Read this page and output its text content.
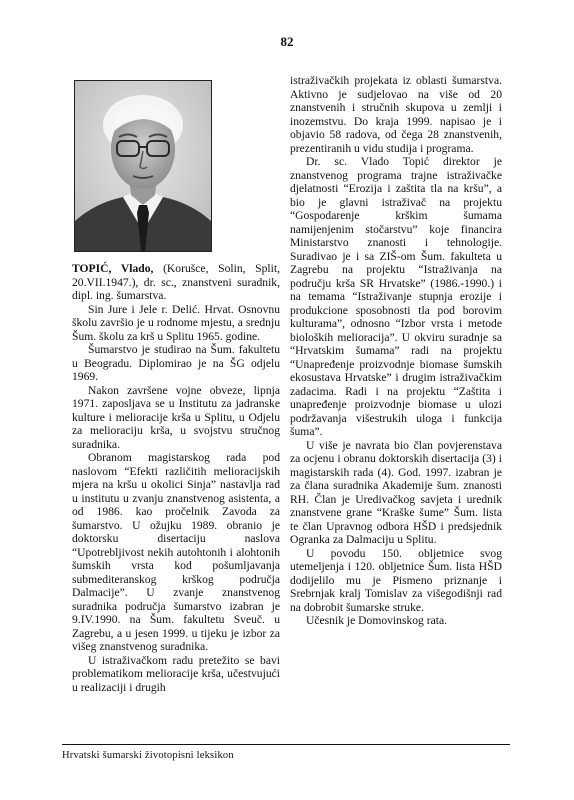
82

TOPIĆ, Vlado, (Korušce, Solin, Split, 20.VII.1947.), dr. sc., znanstveni suradnik, dipl. ing. šumarstva.

Sin Jure i Jele r. Delić. Hrvat. Osnovnu školu završio je u rodnome mjestu, a srednju Šum. školu za krš u Splitu 1965. godine.

Šumarstvo je studirao na Šum. fakultetu u Beogradu. Diplomirao je na ŠG odjelu 1969.

Nakon završene vojne obveze, lipnja 1971. zaposljava se u Institutu za jadranske kulture i melioracije krša u Splitu, u Odjelu za melioraciju krša, u svojstvu stručnog suradnika.

Obranom magistarskog rada pod naslovom “Efekti različitih melioracijskih mjera na kršu u okolici Sinja” nastavlja rad u institutu u zvanju znanstvenog asistenta, a od 1986. kao pročelnik Zavoda za šumarstvo. U ožujku 1989. obranio je doktorsku disertaciju naslova “Upotrebljivost nekih autohtonih i alohtonih šumskih vrsta kod pošumljavanja submediteranskog krškog područja Dalmacije”. U zvanje znanstvenog suradnika područja šumarstvo izabran je 9.IV.1990. na Šum. fakultetu Sveuč. u Zagrebu, a u jesen 1999. u tijeku je izbor za višeg znanstvenog suradnika.

U istraživačkom radu pretežito se bavi problematikom melioracije krša, učestvujući u realizaciji i drugih

istraživačkih projekata iz oblasti šumarstva. Aktivno je sudjelovao na više od 20 znanstvenih i stručnih skupova u zemlji i inozemstvu. Do kraja 1999. napisao je i objavio 58 radova, od čega 28 znanstvenih, prezentiranih u vidu studija i programa.

Dr. sc. Vlado Topić direktor je znanstvenog programa trajne istraživačke djelatnosti “Erozija i zaštita tla na kršu”, a bio je glavni istraživač na projektu “Gospodarenje krškim šumama namijenjenim stočarstvu” koje financira Ministarstvo znanosti i tehnologije. Suradivao je i sa ZIŠ-om Šum. fakulteta u Zagrebu na projektu “Istraživanja na području krša SR Hrvatske” (1986.-1990.) i na temama “Istraživanje stupnja erozije i produkcione sposobnosti tla pod borovim kulturama”, odnosno “Izbor vrsta i metode bioloških melioracija”. U okviru suradnje sa “Hrvatskim šumama” radi na projektu “Unapređenje proizvodnje biomase šumskih ekosustava Hrvatske” i drugim istraživačkim zadacima. Radi i na projektu “Zaštita i unapređenje proizvodnje biomase u ulozi podržavanja višestrukih uloga i funkcija šuma”.

U više je navrata bio član povjerenstava za ocjenu i obranu doktorskih disertacija (3) i magistarskih rada (4). God. 1997. izabran je za člana suradnika Akademije šum. znanosti RH. Član je Uredivačkog savjeta i urednik znanstvene grane “Kraške šume” Šum. lista te član Upravnog odbora HŠD i predsjednik Ogranka za Dalmaciju u Splitu.

U povodu 150. obljetnice svog utemeljenja i 120. obljetnice Šum. lista HŠD dodijelilo mu je Pismeno priznanje i Srebrnjak kralj Tomislav za višegodišnji rad na dobrobit šumarske struke.

Učesnik je Domovinskog rata.

Hrvatski šumarski životopisni leksikon
